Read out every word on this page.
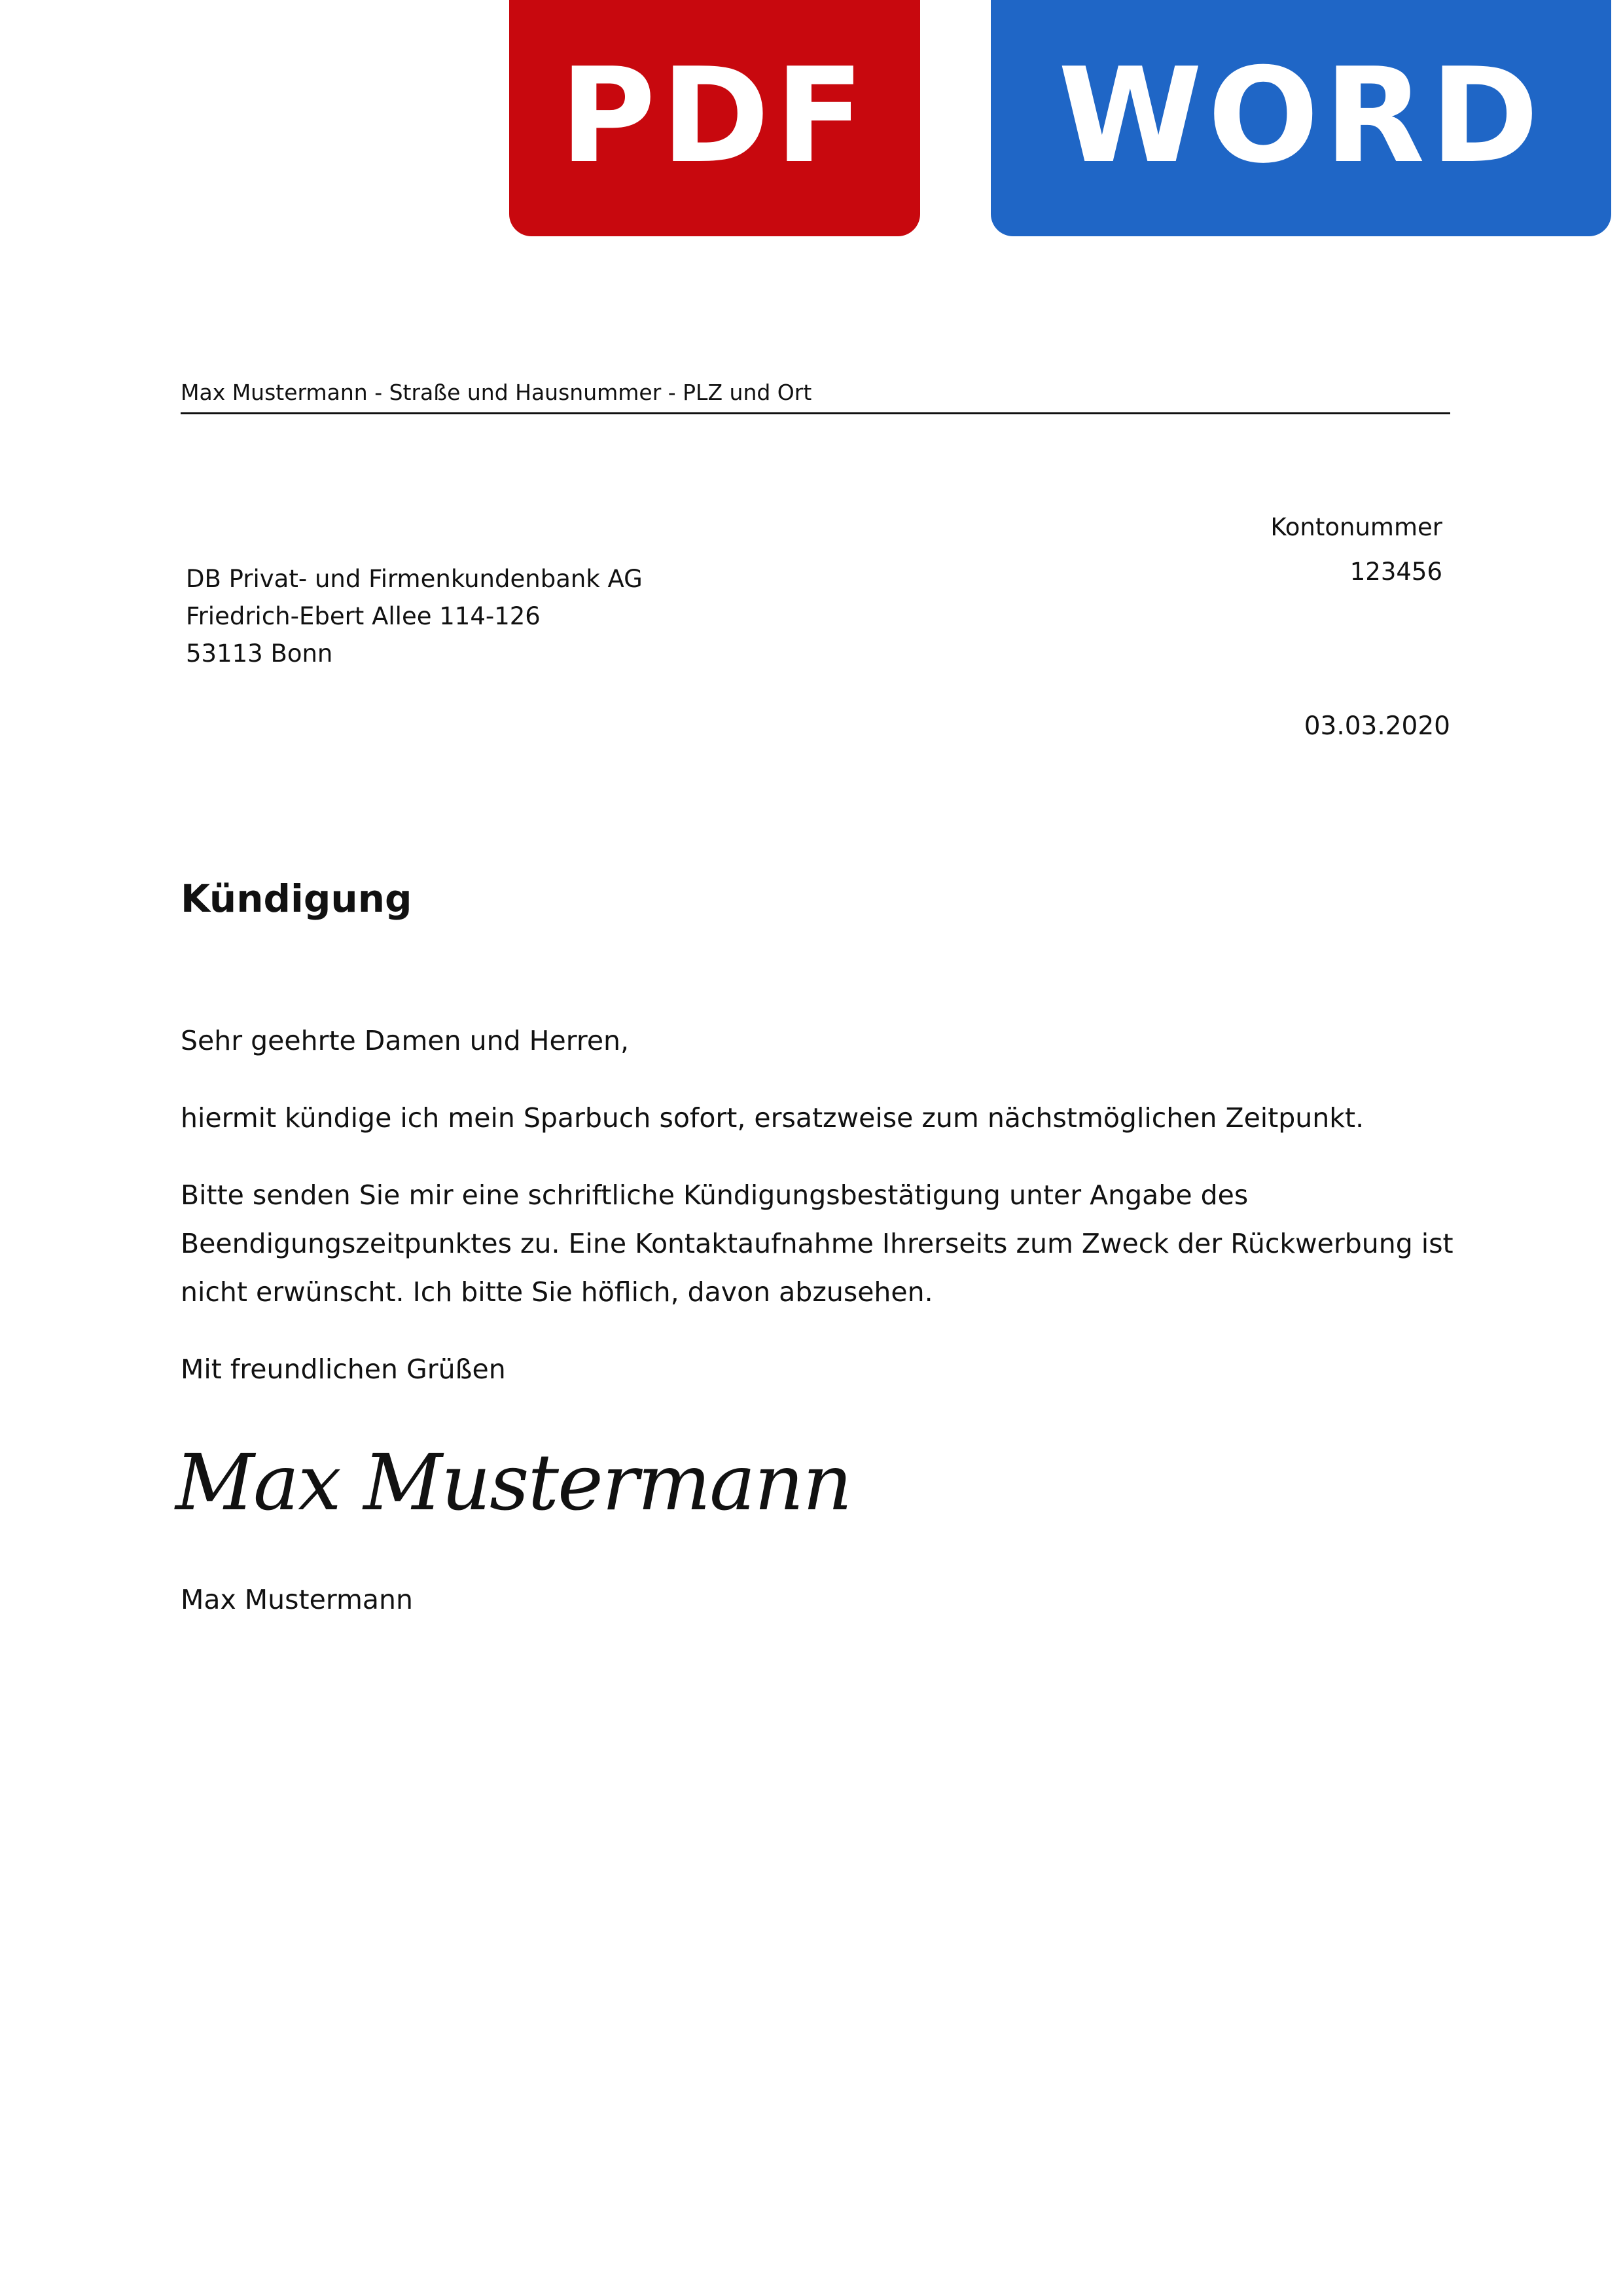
PDF WORD
Max Mustermann - Straße und Hausnummer - PLZ und Ort
DB Privat- und Firmenkundenbank AG
Friedrich-Ebert Allee 114-126
53113 Bonn
Kontonummer
123456
03.03.2020
Kündigung

Sehr geehrte Damen und Herren,

hiermit kündige ich mein Sparbuch sofort, ersatzweise zum nächstmöglichen Zeitpunkt.

Bitte senden Sie mir eine schriftliche Kündigungsbestätigung unter Angabe des Beendigungszeitpunktes zu. Eine Kontaktaufnahme Ihrerseits zum Zweck der Rückwerbung ist nicht erwünscht. Ich bitte Sie höflich, davon abzusehen.

Mit freundlichen Grüßen

Max Mustermann
Max Mustermann
